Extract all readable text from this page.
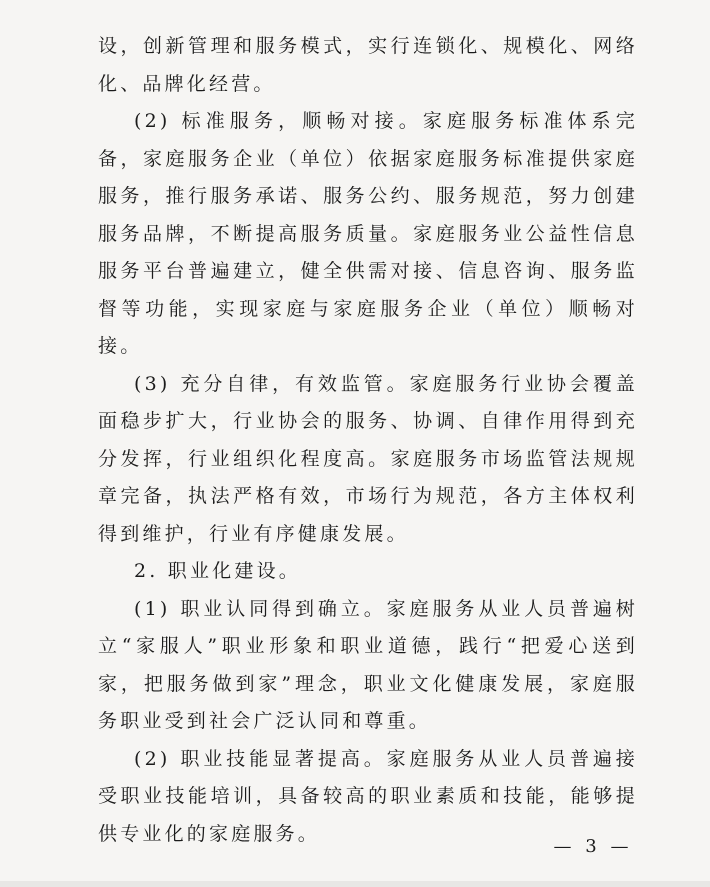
设，创新管理和服务模式，实行连锁化、规模化、网络化、品牌化经营。

(2) 标准服务，顺畅对接。家庭服务标准体系完备，家庭服务企业（单位）依据家庭服务标准提供家庭服务，推行服务承诺、服务公约、服务规范，努力创建服务品牌，不断提高服务质量。家庭服务业公益性信息服务平台普遍建立，健全供需对接、信息咨询、服务监督等功能，实现家庭与家庭服务企业（单位）顺畅对接。

(3) 充分自律，有效监管。家庭服务行业协会覆盖面稳步扩大，行业协会的服务、协调、自律作用得到充分发挥，行业组织化程度高。家庭服务市场监管法规规章完备，执法严格有效，市场行为规范，各方主体权利得到维护，行业有序健康发展。

2. 职业化建设。

(1) 职业认同得到确立。家庭服务从业人员普遍树立“家服人”职业形象和职业道德，践行“把爱心送到家，把服务做到家”理念，职业文化健康发展，家庭服务职业受到社会广泛认同和尊重。

(2) 职业技能显著提高。家庭服务从业人员普遍接受职业技能培训，具备较高的职业素质和技能，能够提供专业化的家庭服务。

— 3 —
